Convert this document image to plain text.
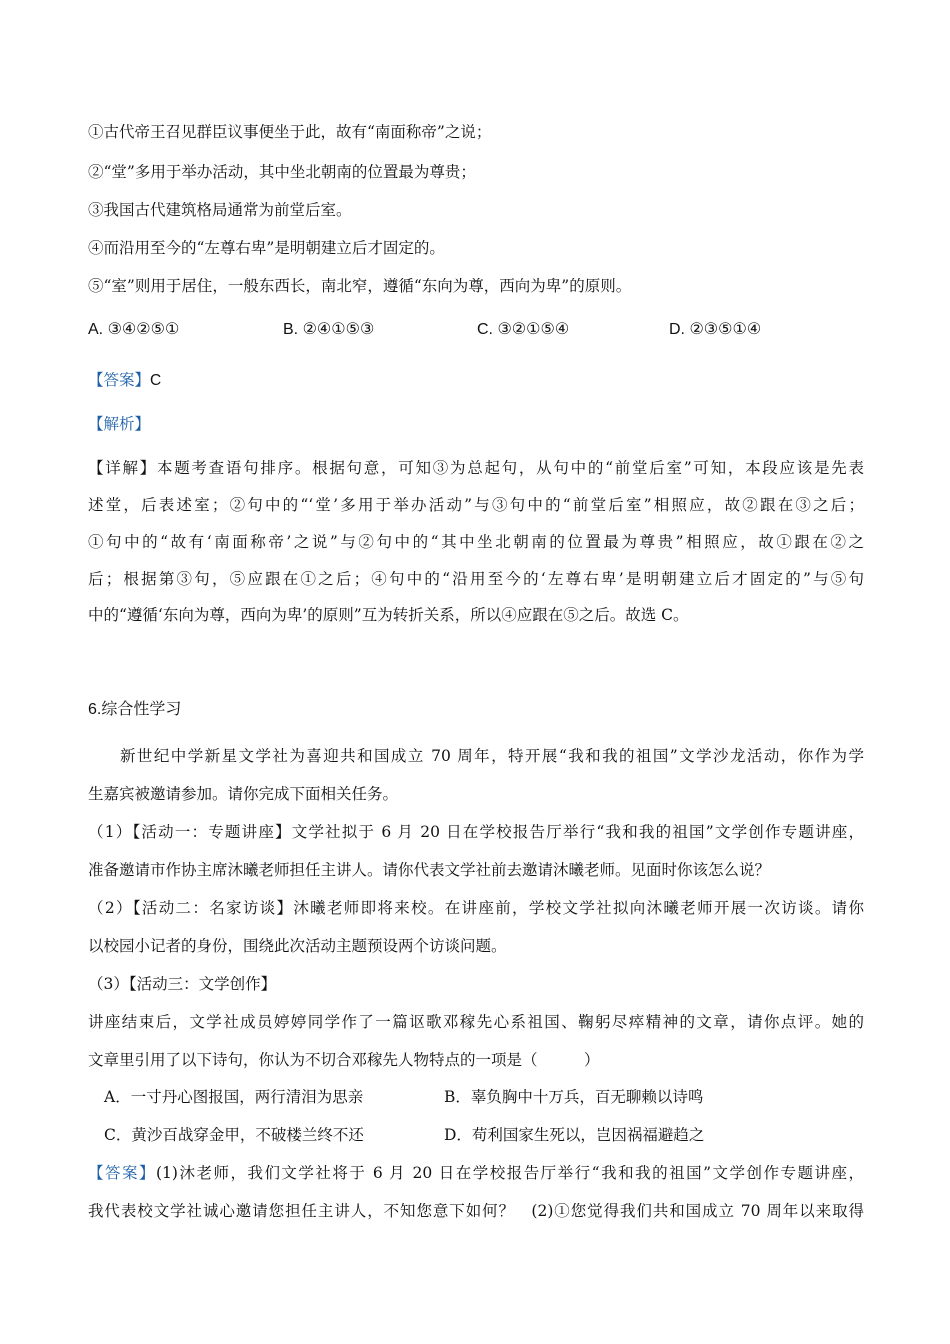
①古代帝王召见群臣议事便坐于此，故有“南面称帝”之说；
②“堂”多用于举办活动，其中坐北朝南的位置最为尊贵；
③我国古代建筑格局通常为前堂后室。
④而沿用至今的“左尊右卑”是明朝建立后才固定的。
⑤“室”则用于居住，一般东西长，南北窄，遵循“东向为尊，西向为卑”的原则。
A. ③④②⑤①	B. ②④①⑤③	C. ③②①⑤④	D. ②③⑤①④
【答案】C
【解析】
【详解】本题考查语句排序。根据句意，可知③为总起句，从句中的“前堂后室”可知，本段应该是先表
述堂，后表述室；②句中的“‘堂’多用于举办活动”与③句中的“前堂后室”相照应，故②跟在③之后；
①句中的“故有‘南面称帝’之说”与②句中的“其中坐北朝南的位置最为尊贵”相照应，故①跟在②之
后；根据第③句，⑤应跟在①之后；④句中的“沿用至今的‘左尊右卑’是明朝建立后才固定的”与⑤句
中的“遵循‘东向为尊，西向为卑’的原则”互为转折关系，所以④应跟在⑤之后。故选 C。
6.综合性学习
新世纪中学新星文学社为喜迎共和国成立 70 周年，特开展“我和我的祖国”文学沙龙活动，你作为学
生嘉宾被邀请参加。请你完成下面相关任务。
（1）【活动一：专题讲座】文学社拟于 6 月 20 日在学校报告厅举行“我和我的祖国”文学创作专题讲座，
准备邀请市作协主席沐曦老师担任主讲人。请你代表文学社前去邀请沐曦老师。见面时你该怎么说？
（2）【活动二：名家访谈】沐曦老师即将来校。在讲座前，学校文学社拟向沐曦老师开展一次访谈。请你
以校园小记者的身份，围绕此次活动主题预设两个访谈问题。
（3）【活动三：文学创作】
讲座结束后，文学社成员婷婷同学作了一篇讴歌邓稼先心系祖国、鞠躬尽瘁精神的文章，请你点评。她的
文章里引用了以下诗句，你认为不切合邓稼先人物特点的一项是（　　　）
A．一寸丹心图报国，两行清泪为思亲	B．辜负胸中十万兵，百无聊赖以诗鸣
C．黄沙百战穿金甲，不破楼兰终不还	D．苟利国家生死以，岂因祸福避趋之
【答案】(1)沐老师，我们文学社将于 6 月 20 日在学校报告厅举行“我和我的祖国”文学创作专题讲座，
我代表校文学社诚心邀请您担任主讲人，不知您意下如何？　(2)①您觉得我们共和国成立 70 周年以来取得
